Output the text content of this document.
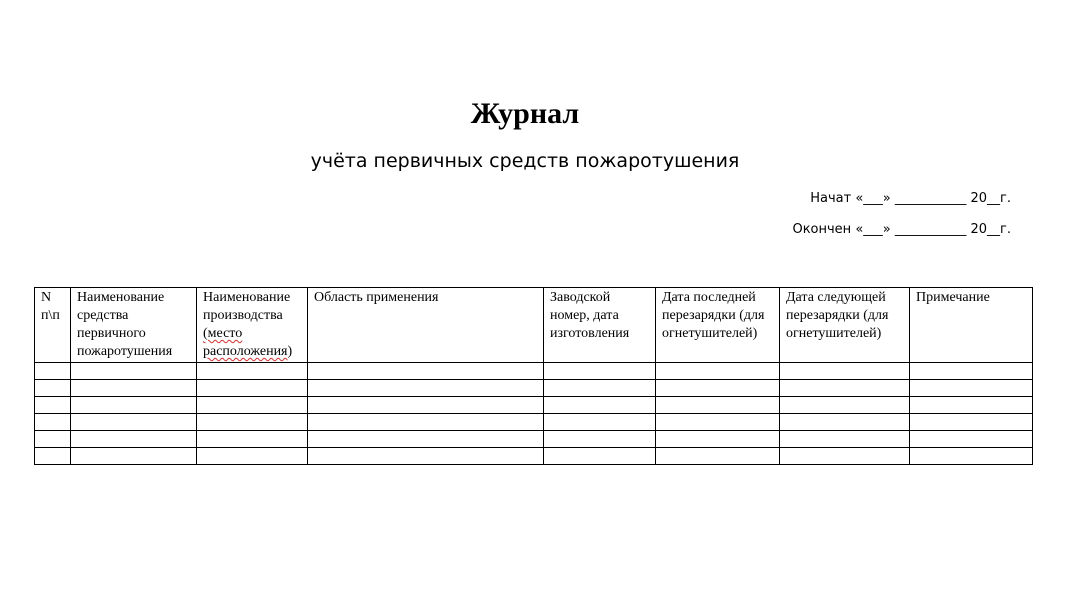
Журнал
учёта первичных средств пожаротушения
Начат «___» ___________ 20__г.
Окончен «___» ___________ 20__г.
N п\п	Наименование средства первичного пожаротушения	Наименование производства (место расположения)	Область применения	Заводской номер, дата изготовления	Дата последней перезарядки (для огнетушителей)	Дата следующей перезарядки (для огнетушителей)	Примечание
